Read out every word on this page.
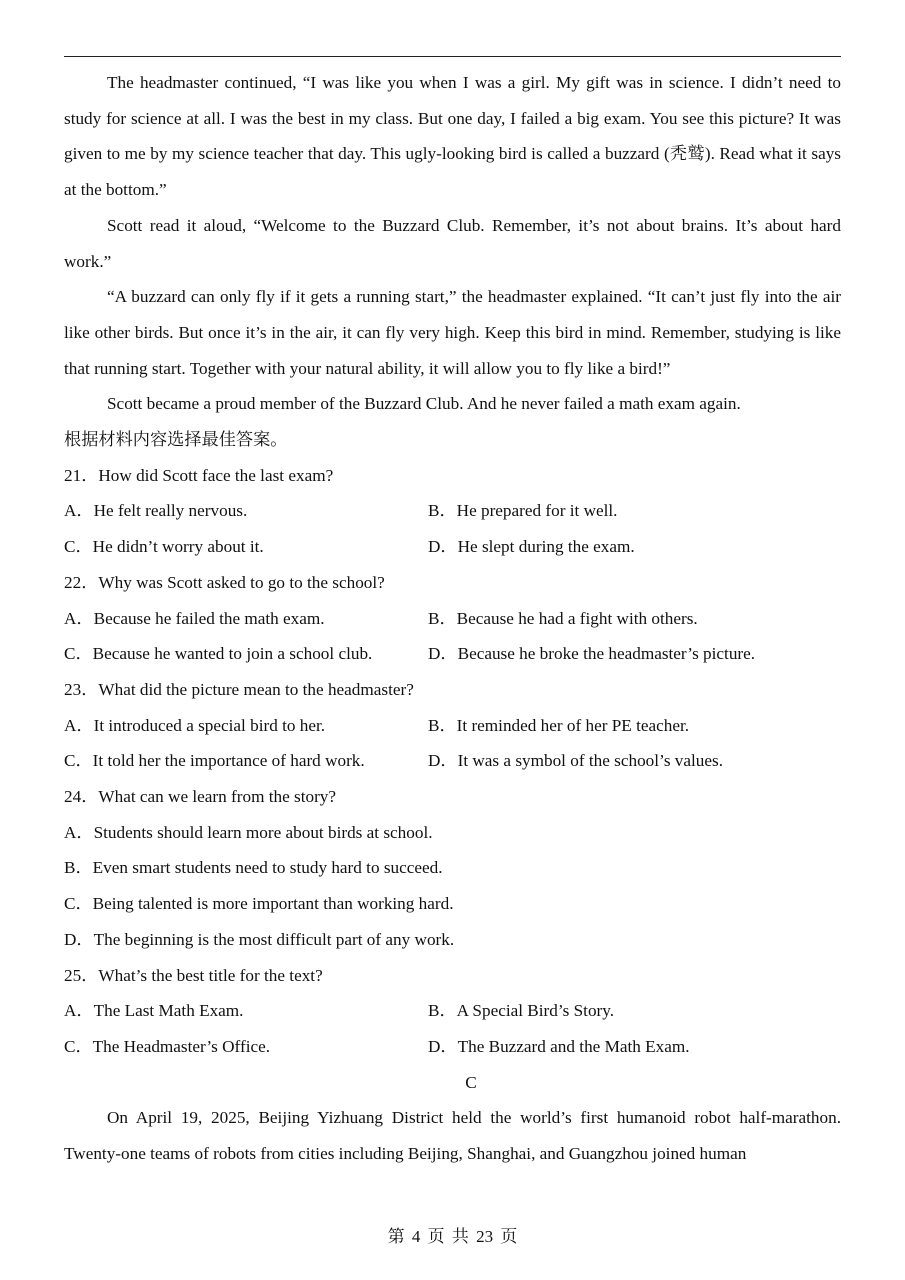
The headmaster continued, “I was like you when I was a girl. My gift was in science. I didn’t need to study for science at all. I was the best in my class. But one day, I failed a big exam. You see this picture? It was given to me by my science teacher that day. This ugly-looking bird is called a buzzard (秃鹫). Read what it says at the bottom.”

Scott read it aloud, “Welcome to the Buzzard Club. Remember, it’s not about brains. It’s about hard work.”

“A buzzard can only fly if it gets a running start,” the headmaster explained. “It can’t just fly into the air like other birds. But once it’s in the air, it can fly very high. Keep this bird in mind. Remember, studying is like that running start. Together with your natural ability, it will allow you to fly like a bird!”

Scott became a proud member of the Buzzard Club. And he never failed a math exam again.

根据材料内容选择最佳答案。
21．How did Scott face the last exam?
A．He felt really nervous.	B．He prepared for it well.
C．He didn’t worry about it.	D．He slept during the exam.
22．Why was Scott asked to go to the school?
A．Because he failed the math exam.	B．Because he had a fight with others.
C．Because he wanted to join a school club.	D．Because he broke the headmaster’s picture.
23．What did the picture mean to the headmaster?
A．It introduced a special bird to her.	B．It reminded her of her PE teacher.
C．It told her the importance of hard work.	D．It was a symbol of the school’s values.
24．What can we learn from the story?
A．Students should learn more about birds at school.
B．Even smart students need to study hard to succeed.
C．Being talented is more important than working hard.
D．The beginning is the most difficult part of any work.
25．What’s the best title for the text?
A．The Last Math Exam.	B．A Special Bird’s Story.
C．The Headmaster’s Office.	D．The Buzzard and the Math Exam.
C

On April 19, 2025, Beijing Yizhuang District held the world’s first humanoid robot half-marathon. Twenty-one teams of robots from cities including Beijing, Shanghai, and Guangzhou joined human

第 4 页 共 23 页
